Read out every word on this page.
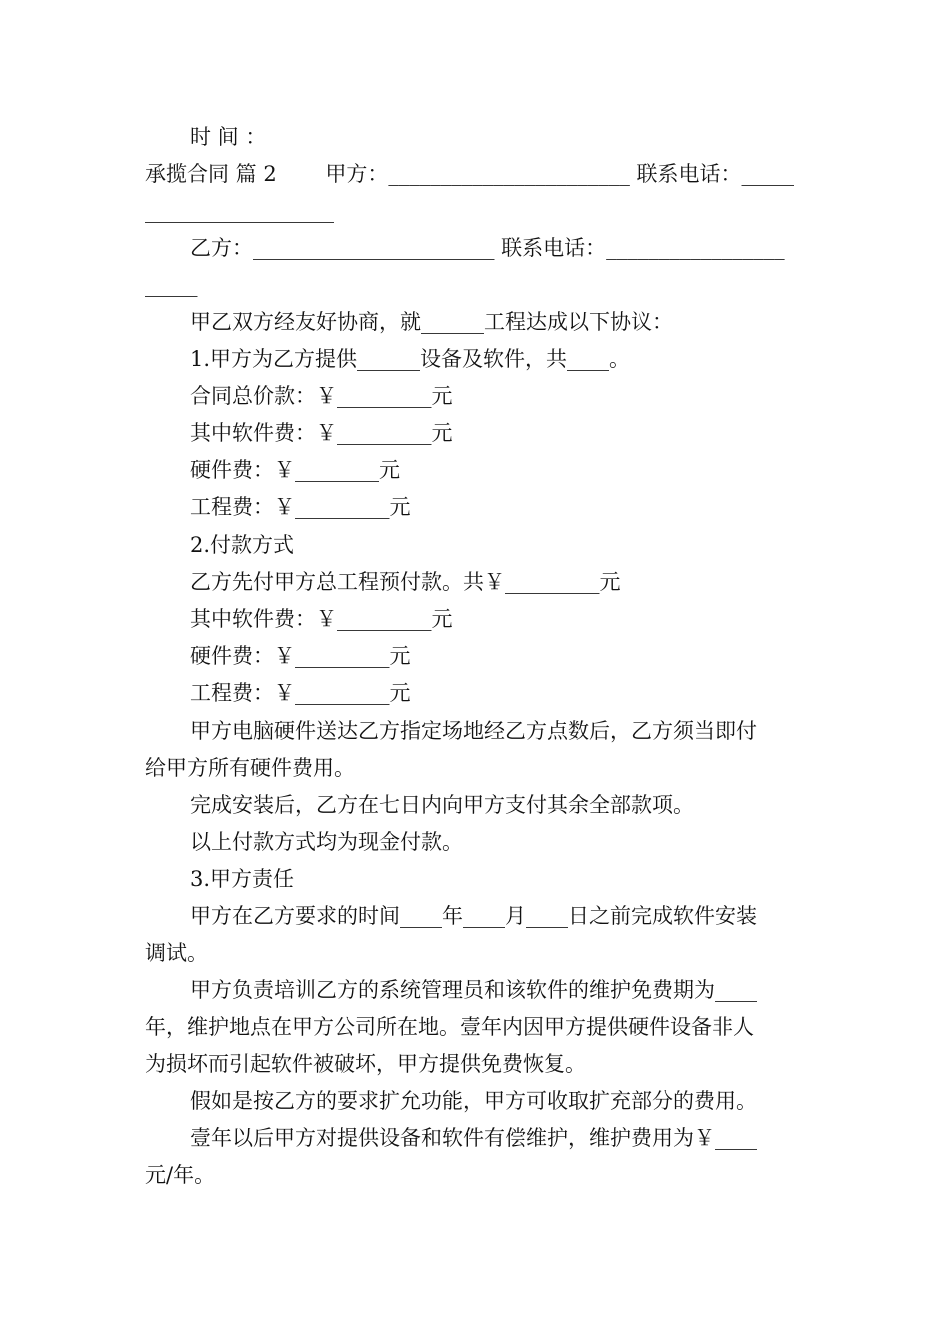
时 间 ：
承揽合同 篇 2 　　甲方：_______________________ 联系电话：_____
__________________
乙方：_______________________ 联系电话：_________________
_____
甲乙双方经友好协商，就______工程达成以下协议：
1.甲方为乙方提供______设备及软件，共____。
合同总价款：￥_________元
其中软件费：￥_________元
硬件费：￥________元
工程费：￥_________元
2.付款方式
乙方先付甲方总工程预付款。共￥_________元
其中软件费：￥_________元
硬件费：￥_________元
工程费：￥_________元
甲方电脑硬件送达乙方指定场地经乙方点数后，乙方须当即付
给甲方所有硬件费用。
完成安装后，乙方在七日内向甲方支付其余全部款项。
以上付款方式均为现金付款。
3.甲方责任
甲方在乙方要求的时间____年____月____日之前完成软件安装
调试。
甲方负责培训乙方的系统管理员和该软件的维护免费期为____
年，维护地点在甲方公司所在地。壹年内因甲方提供硬件设备非人
为损坏而引起软件被破坏，甲方提供免费恢复。
假如是按乙方的要求扩允功能，甲方可收取扩充部分的费用。
壹年以后甲方对提供设备和软件有偿维护，维护费用为￥____
元/年。
